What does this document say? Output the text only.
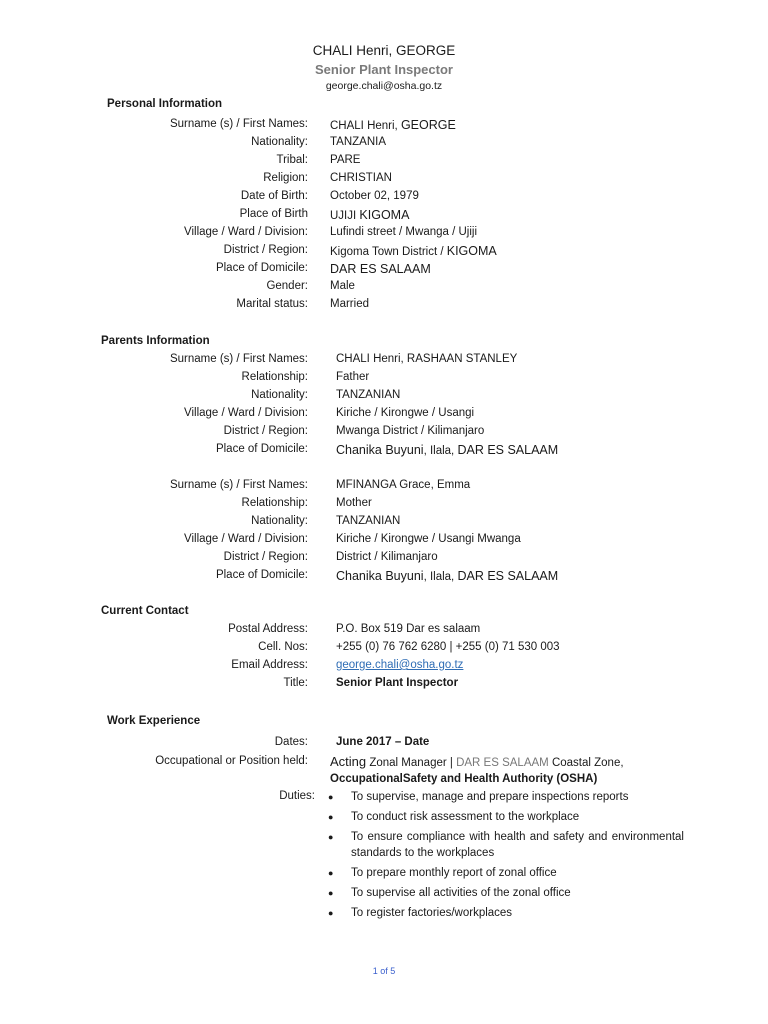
CHALI Henri, GEORGE
Senior Plant Inspector
george.chali@osha.go.tz
Personal Information
Surname (s) / First Names: CHALI Henri, GEORGE
Nationality: TANZANIA
Tribal: PARE
Religion: CHRISTIAN
Date of Birth: October 02, 1979
Place of Birth UJIJI KIGOMA
Village / Ward / Division: Lufindi street / Mwanga / Ujiji
District / Region: Kigoma Town District / KIGOMA
Place of Domicile: DAR ES SALAAM
Gender: Male
Marital status: Married
Parents Information
Surname (s) / First Names: CHALI Henri, RASHAAN STANLEY
Relationship: Father
Nationality: TANZANIAN
Village / Ward / Division: Kiriche / Kirongwe / Usangi
District / Region: Mwanga District / Kilimanjaro
Place of Domicile: Chanika Buyuni, Ilala, DAR ES SALAAM
Surname (s) / First Names: MFINANGA Grace, Emma
Relationship: Mother
Nationality: TANZANIAN
Village / Ward / Division: Kiriche / Kirongwe / Usangi Mwanga
District / Region: District / Kilimanjaro
Place of Domicile: Chanika Buyuni, Ilala, DAR ES SALAAM
Current Contact
Postal Address: P.O. Box 519 Dar es salaam
Cell. Nos: +255 (0) 76 762 6280 | +255 (0) 71 530 003
Email Address: george.chali@osha.go.tz
Title: Senior Plant Inspector
Work Experience
Dates: June 2017 – Date
Occupational or Position held: Acting Zonal Manager | DAR ES SALAAM Coastal Zone,
OccupationalSafety and Health Authority (OSHA)
Duties: ● To supervise, manage and prepare inspections reports
● To conduct risk assessment to the workplace
● To ensure compliance with health and safety and environmental standards to the workplaces
● To prepare monthly report of zonal office
● To supervise all activities of the zonal office
● To register factories/workplaces
1 of 5
